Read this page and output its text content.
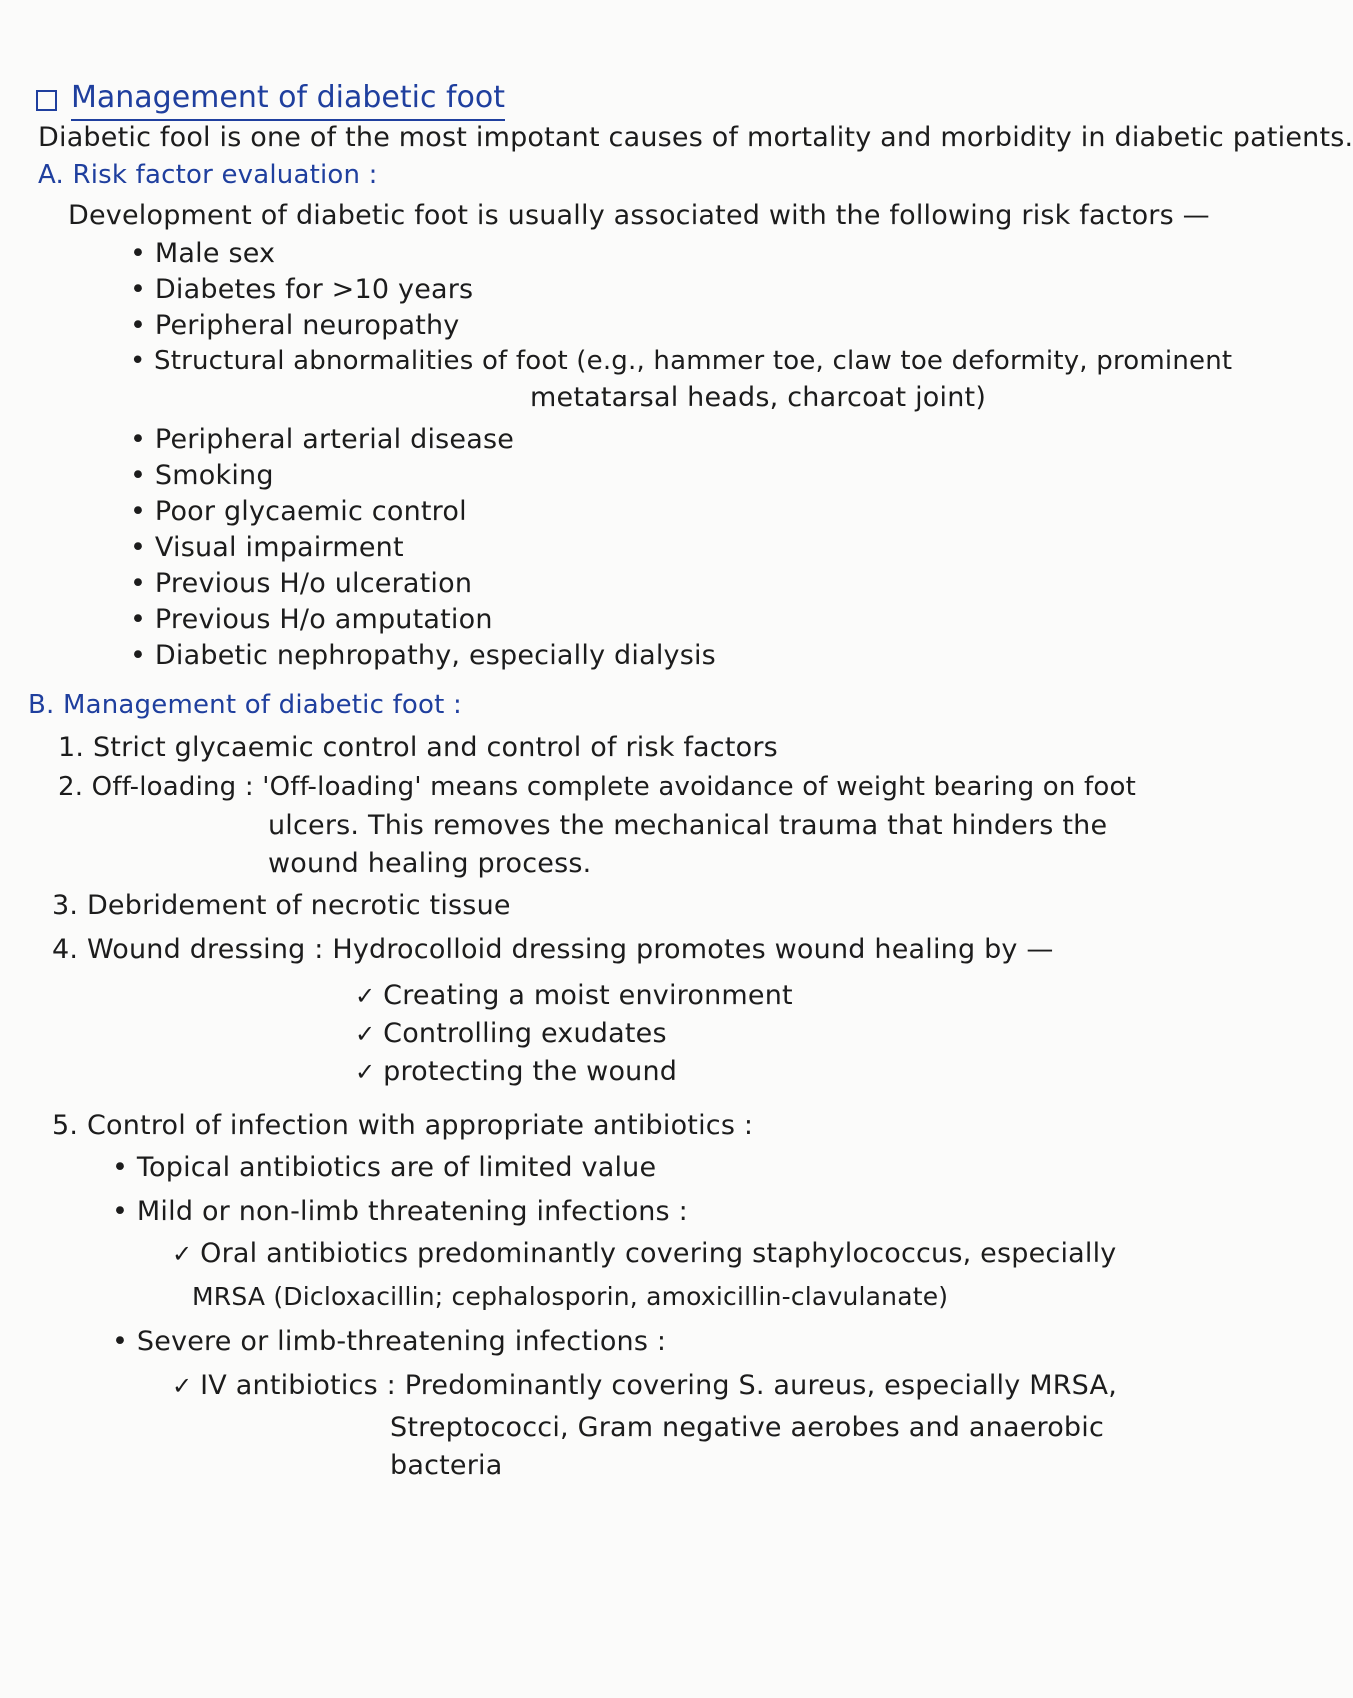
Management of diabetic foot
Diabetic fool is one of the most impotant causes of mortality and morbidity in diabetic patients.
A. Risk factor evaluation :
Development of diabetic foot is usually associated with the following risk factors —
• Male sex
• Diabetes for >10 years
• Peripheral neuropathy
• Structural abnormalities of foot (e.g., hammer toe, claw toe deformity, prominent
metatarsal heads, charcoat joint)
• Peripheral arterial disease
• Smoking
• Poor glycaemic control
• Visual impairment
• Previous H/o ulceration
• Previous H/o amputation
• Diabetic nephropathy, especially dialysis
B. Management of diabetic foot :
1. Strict glycaemic control and control of risk factors
2. Off-loading : 'Off-loading' means complete avoidance of weight bearing on foot
ulcers. This removes the mechanical trauma that hinders the
wound healing process.
3. Debridement of necrotic tissue
4. Wound dressing : Hydrocolloid dressing promotes wound healing by —
✓ Creating a moist environment
✓ Controlling exudates
✓ protecting the wound
5. Control of infection with appropriate antibiotics :
• Topical antibiotics are of limited value
• Mild or non-limb threatening infections :
✓ Oral antibiotics predominantly covering staphylococcus, especially
MRSA (Dicloxacillin; cephalosporin, amoxicillin-clavulanate)
• Severe or limb-threatening infections :
✓ IV antibiotics : Predominantly covering S. aureus, especially MRSA,
Streptococci, Gram negative aerobes and anaerobic
bacteria
